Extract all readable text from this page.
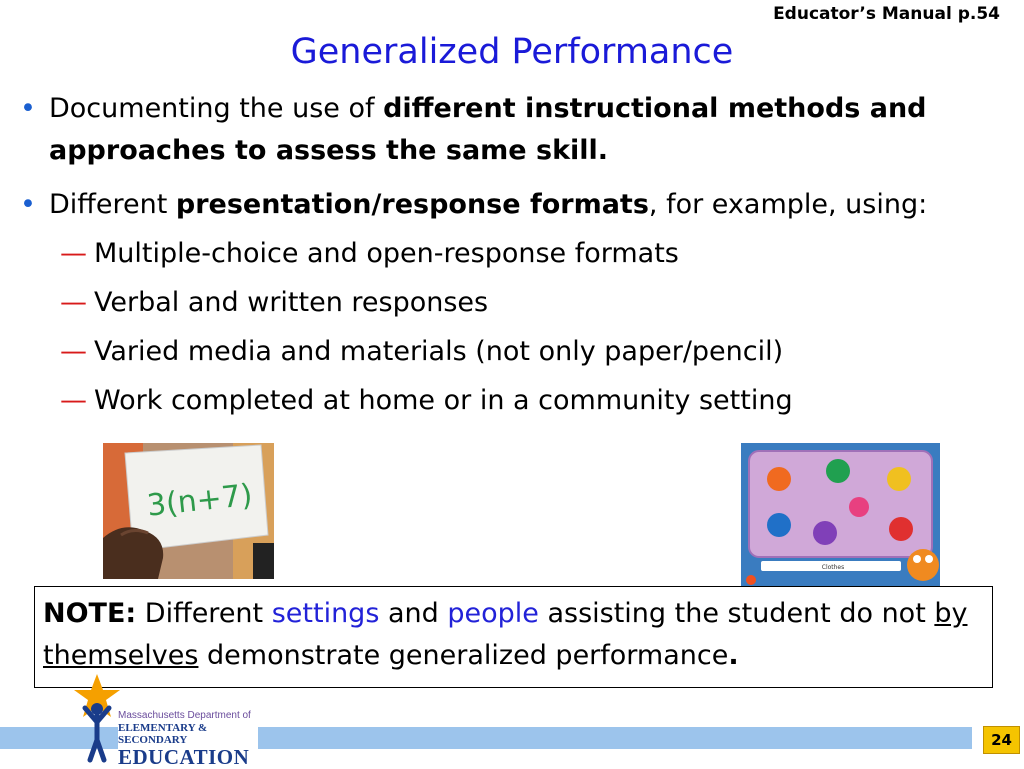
Educator’s Manual p.54
Generalized Performance
• Documenting the use of different instructional methods and approaches to assess the same skill.
• Different presentation/response formats, for example, using:
— Multiple-choice and open-response formats
— Verbal and written responses
— Varied media and materials (not only paper/pencil)
— Work completed at home or in a community setting
3(n+7)
Clothes
NOTE: Different settings and people assisting the student do not by themselves demonstrate generalized performance.
Massachusetts Department of
ELEMENTARY & SECONDARY
EDUCATION
24
